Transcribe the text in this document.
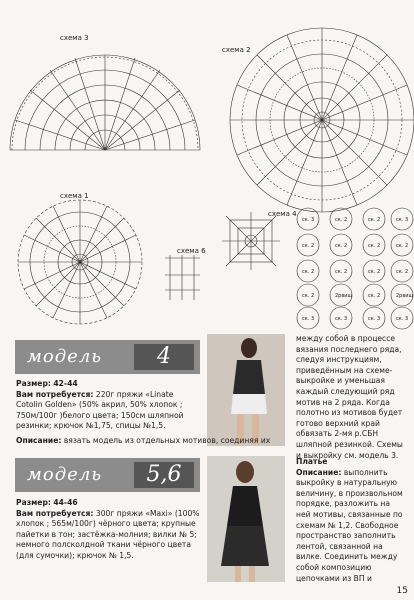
схема 3
схема 2
схема 1
схема 6
схема 4
ск. 3	ск. 2	ск. 2	ск. 3
ск. 2	ск. 2	ск. 2	ск. 2
ск. 2	ск. 2	ск. 2	ск. 2
ск. 2	2рвищ	ск. 2	2рвищ
ск. 3	ск. 3	ск. 3	ск. 3
модель	4
Размер: 42-44
Вам потребуется: 220г пряжи «Linate Cotolin Golden» (50% акрил, 50% хлопок ; 750м/100г )белого цвета; 150см шляпной резинки; крючок №1,75, спицы №1,5.
Описание: вязать модель из отдельных мотивов, соединяя их
между собой в процессе вязания последнего ряда, следуя инструкциям, приведённым на схеме-выкройке и уменьшая каждый следующий ряд мотив на 2 ряда. Когда полотно из мотивов будет готово верхний край обвязать 2-мя р.СБН шляпной резинкой. Схемы и выкройку см. модель 3.
модель	5,6
Размер: 44-46
Вам потребуется: 300г пряжи «Maxi» (100% хлопок ; 565м/100г) чёрного цвета; крупные пайетки в тон; застёжка-молния; вилки № 5; немного полсколдной ткани чёрного цвета (для сумочки); крючок № 1,5.
Платье
Описание: выполнить выкройку в натуральную величину, в произвольном порядке, разложить на ней мотивы, связанные по схемам № 1,2. Свободное пространство заполнить лентой, связанной на вилке. Соединить между собой композицию цепочками из ВП и
15
